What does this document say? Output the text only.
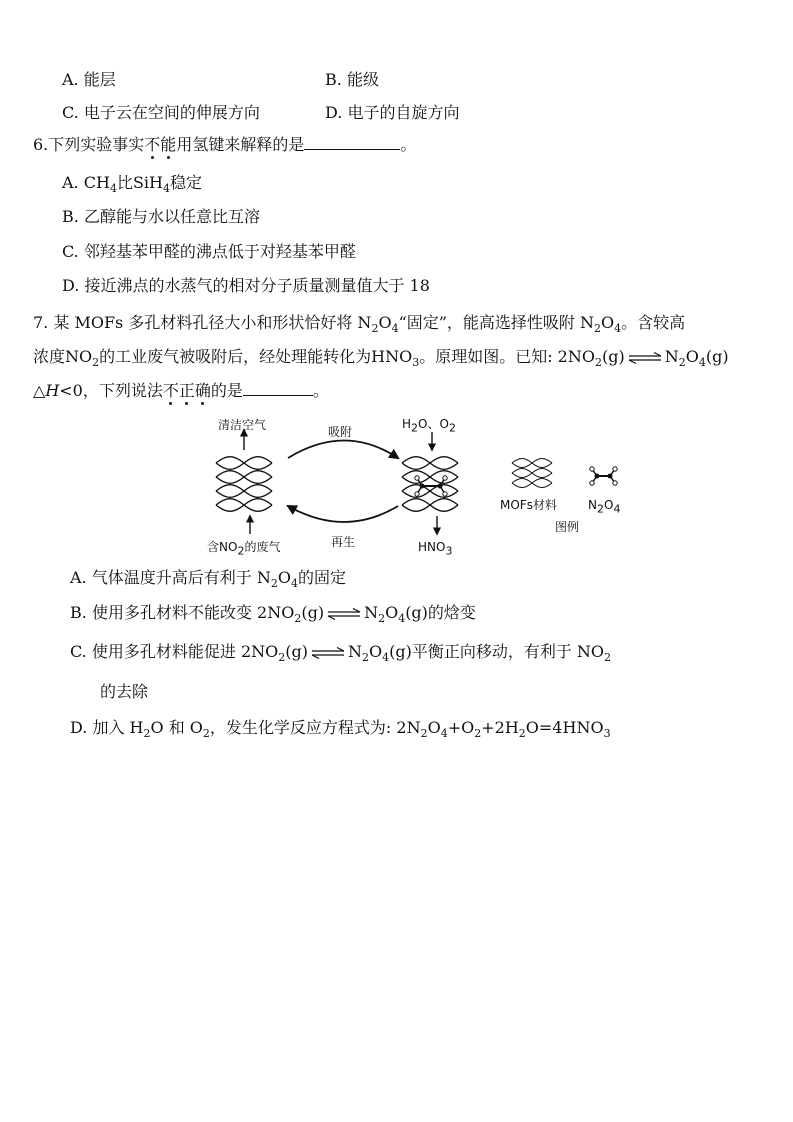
A. 能层	B. 能级
C. 电子云在空间的伸展方向	D. 电子的自旋方向
6.下列实验事实不能用氢键来解释的是	。
A. $CH_4$比SiH$_4$稳定
B. 乙醇能与水以任意比互溶
C. 邻羟基苯甲醛的沸点低于对羟基苯甲醛
D. 接近沸点的水蒸气的相对分子质量测量值大于 18
7. 某 MOFs 多孔材料孔径大小和形状恰好将 $N_2O_4“$固定”，能高选择性吸附 $N_2O_4$。含较高
浓度$NO_2$的工业废气被吸附后，经处理能转化为$HNO_3$。原理如图。已知: $2NO_2(g)$	$N_2O_4(g)$
△H<0，下列说法不正确的是	。
清洁空气	吸附
$H_2O$、$O_2$
含$NO_2$的废气	再生	$HNO_3$
MOFs材料	$N_2O_4$
图例
A. 气体温度升高后有利于 $N_2O_4$的固定
B. 使用多孔材料不能改变 $2NO_2(g)$	$N_2O_4(g)$的焓变
C. 使用多孔材料能促进 $2NO_2(g)$	$N_2O_4(g)$平衡正向移动，有利于 $NO_2$
的去除
D. 加入 $H_2O$ 和 $O_2$，发生化学反应方程式为: $2N_2O_4+O_2+2H_2O=4HNO_3$
